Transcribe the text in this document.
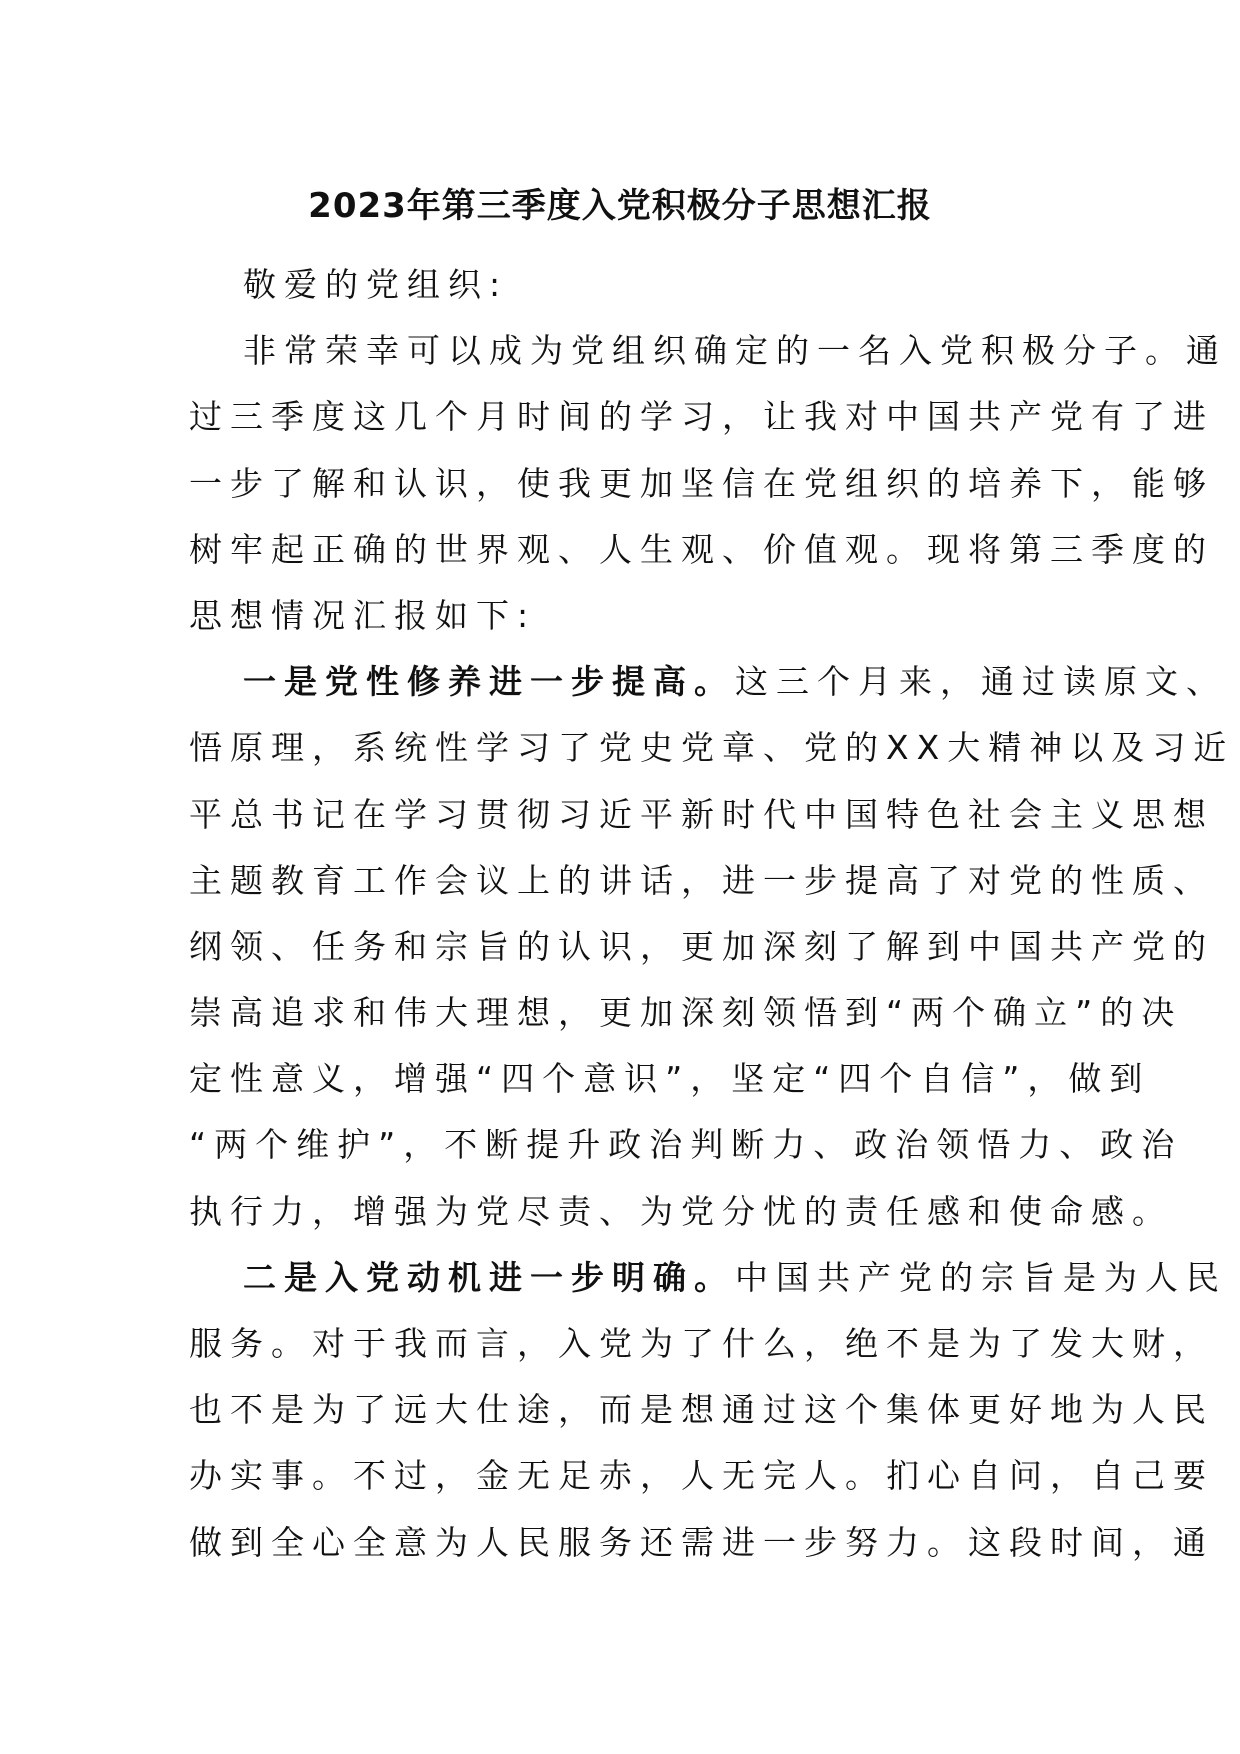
2023年第三季度入党积极分子思想汇报
敬爱的党组织:
非常荣幸可以成为党组织确定的一名入党积极分子。通
过三季度这几个月时间的学习，让我对中国共产党有了进
一步了解和认识，使我更加坚信在党组织的培养下，能够
树牢起正确的世界观、人生观、价值观。现将第三季度的
思想情况汇报如下:
一是党性修养进一步提高。这三个月来，通过读原文、
悟原理，系统性学习了党史党章、党的XX大精神以及习近
平总书记在学习贯彻习近平新时代中国特色社会主义思想
主题教育工作会议上的讲话，进一步提高了对党的性质、
纲领、任务和宗旨的认识，更加深刻了解到中国共产党的
崇高追求和伟大理想，更加深刻领悟到“两个确立”的决
定性意义，增强“四个意识”，坚定“四个自信”，做到
“两个维护”，不断提升政治判断力、政治领悟力、政治
执行力，增强为党尽责、为党分忧的责任感和使命感。
二是入党动机进一步明确。中国共产党的宗旨是为人民
服务。对于我而言，入党为了什么，绝不是为了发大财，
也不是为了远大仕途，而是想通过这个集体更好地为人民
办实事。不过，金无足赤，人无完人。扪心自问，自己要
做到全心全意为人民服务还需进一步努力。这段时间，通
